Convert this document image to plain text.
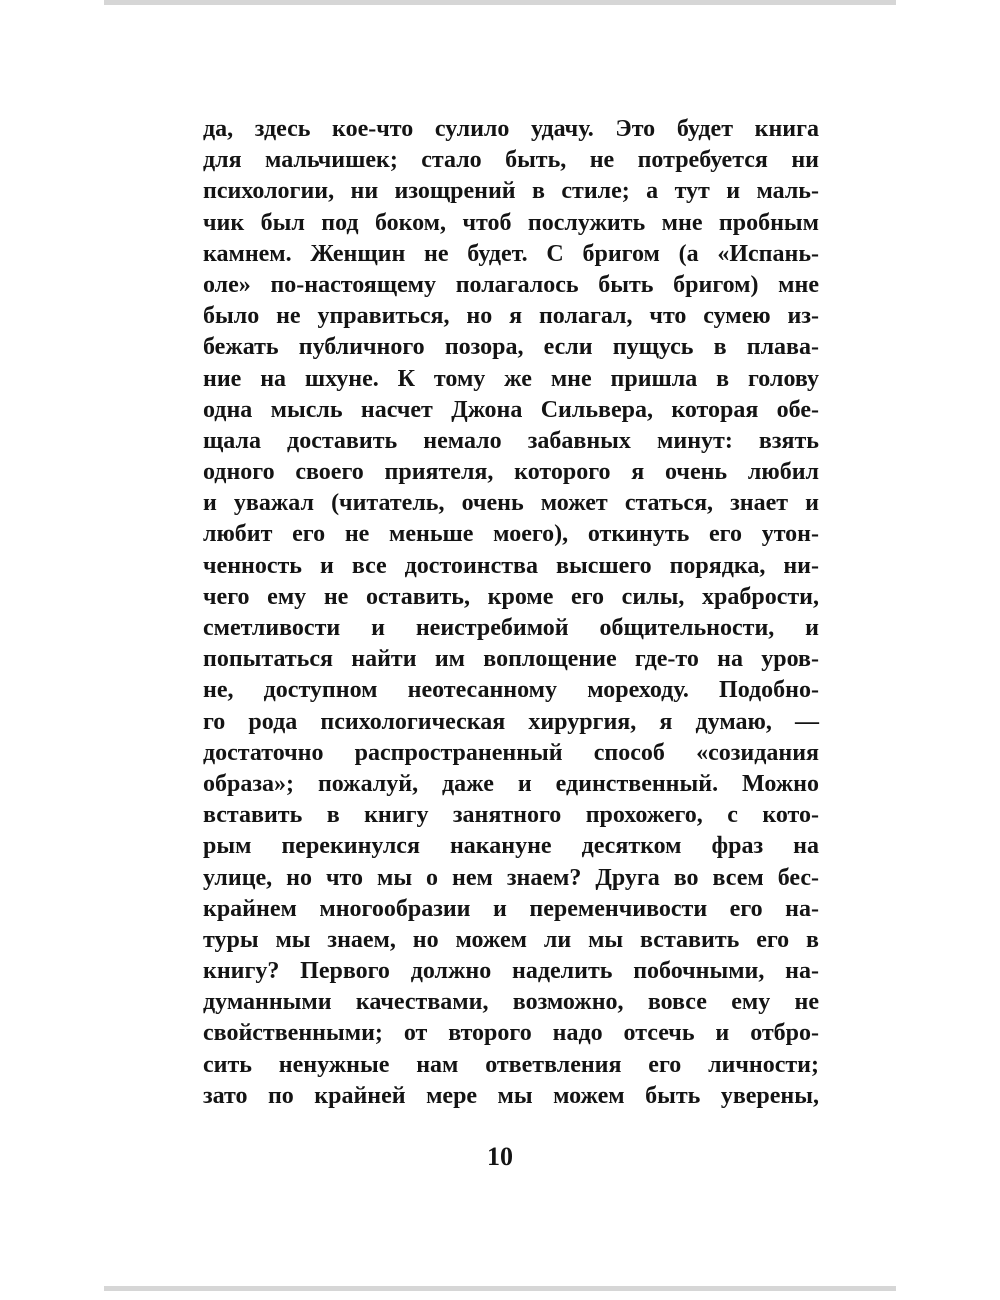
да, здесь кое-что сулило удачу. Это будет книга
для мальчишек; стало быть, не потребуется ни
психологии, ни изощрений в стиле; а тут и маль-
чик был под боком, чтоб послужить мне пробным
камнем. Женщин не будет. С бригом (а «Испань-
оле» по-настоящему полагалось быть бригом) мне
было не управиться, но я полагал, что сумею из-
бежать публичного позора, если пущусь в плава-
ние на шхуне. К тому же мне пришла в голову
одна мысль насчет Джона Сильвера, которая обе-
щала доставить немало забавных минут: взять
одного своего приятеля, которого я очень любил
и уважал (читатель, очень может статься, знает и
любит его не меньше моего), откинуть его утон-
ченность и все достоинства высшего порядка, ни-
чего ему не оставить, кроме его силы, храбрости,
сметливости и неистребимой общительности, и
попытаться найти им воплощение где-то на уров-
не, доступном неотесанному мореходу. Подобно-
го рода психологическая хирургия, я думаю, —
достаточно распространенный способ «созидания
образа»; пожалуй, даже и единственный. Можно
вставить в книгу занятного прохожего, с кото-
рым перекинулся накануне десятком фраз на
улице, но что мы о нем знаем? Друга во всем бес-
крайнем многообразии и переменчивости его на-
туры мы знаем, но можем ли мы вставить его в
книгу? Первого должно наделить побочными, на-
думанными качествами, возможно, вовсе ему не
свойственными; от второго надо отсечь и отбро-
сить ненужные нам ответвления его личности;
зато по крайней мере мы можем быть уверены,
10
